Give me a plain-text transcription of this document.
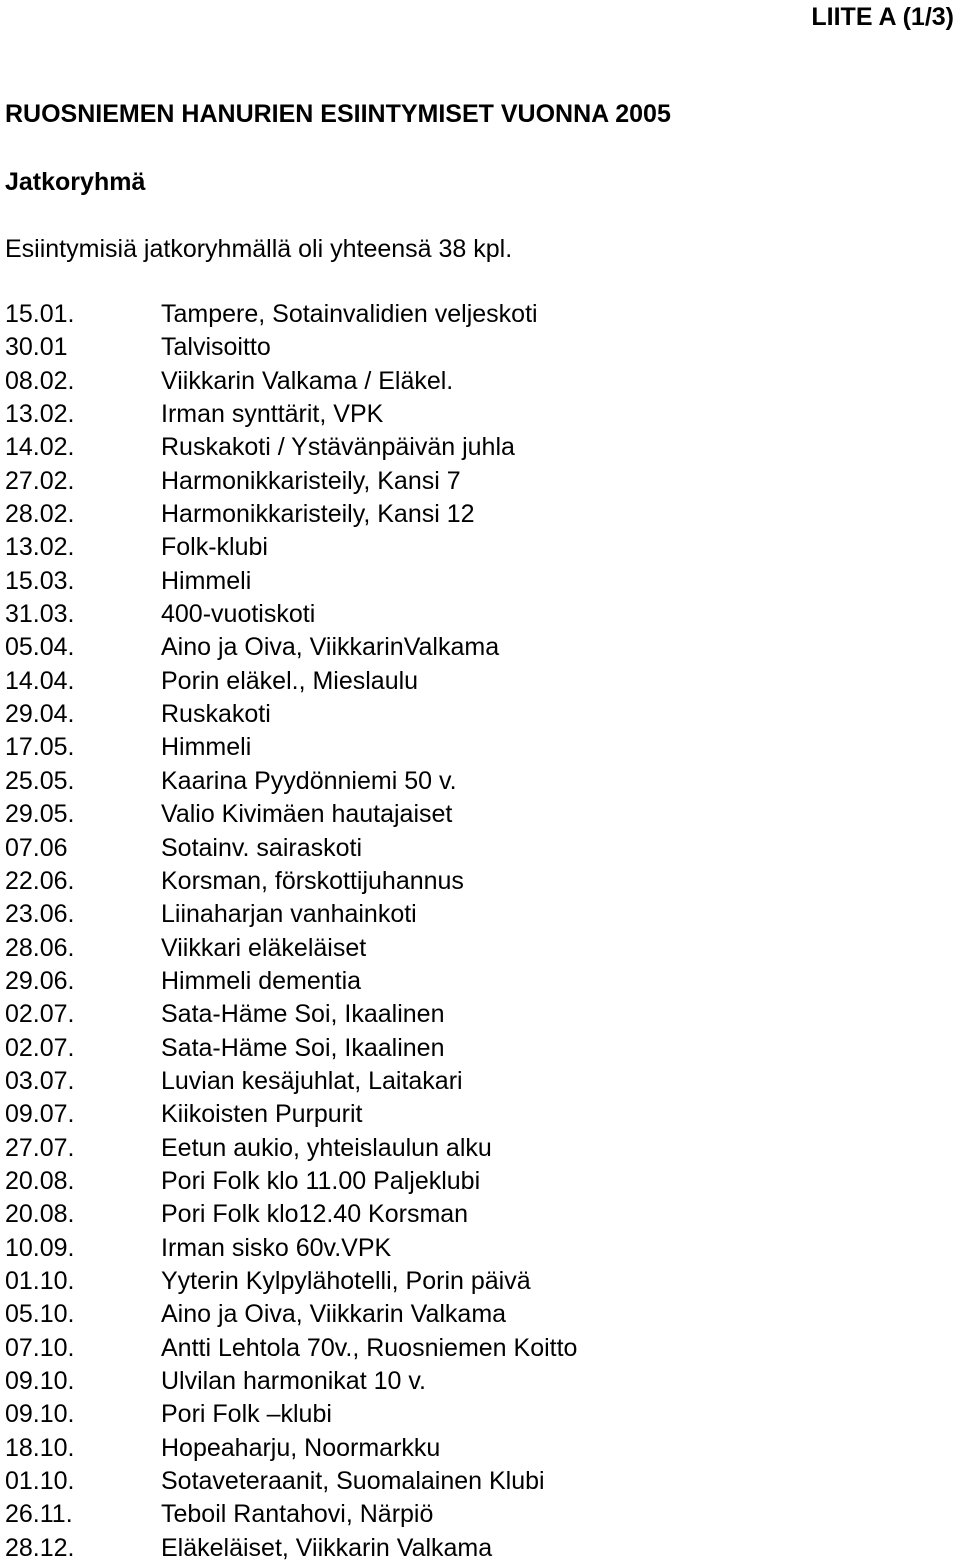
LIITE A (1/3)

RUOSNIEMEN HANURIEN ESIINTYMISET VUONNA 2005
Jatkoryhmä

Esiintymisiä jatkoryhmällä oli yhteensä 38 kpl.

15.01.	Tampere, Sotainvalidien veljeskoti
30.01	Talvisoitto
08.02.	Viikkarin Valkama / Eläkel.
13.02.	Irman synttärit, VPK
14.02.	Ruskakoti / Ystävänpäivän juhla
27.02.	Harmonikkaristeily, Kansi 7
28.02.	Harmonikkaristeily, Kansi 12
13.02.	Folk-klubi
15.03.	Himmeli
31.03.	400-vuotiskoti
05.04.	Aino ja Oiva, ViikkarinValkama
14.04.	Porin eläkel., Mieslaulu
29.04.	Ruskakoti
17.05.	Himmeli
25.05.	Kaarina Pyydönniemi 50 v.
29.05.	Valio Kivimäen hautajaiset
07.06	Sotainv. sairaskoti
22.06.	Korsman, förskottijuhannus
23.06.	Liinaharjan vanhainkoti
28.06.	Viikkari eläkeläiset
29.06.	Himmeli dementia
02.07.	Sata-Häme Soi, Ikaalinen
02.07.	Sata-Häme Soi, Ikaalinen
03.07.	Luvian kesäjuhlat, Laitakari
09.07.	Kiikoisten Purpurit
27.07.	Eetun aukio, yhteislaulun alku
20.08.	Pori Folk klo 11.00 Paljeklubi
20.08.	Pori Folk klo12.40 Korsman
10.09.	Irman sisko 60v.VPK
01.10.	Yyterin Kylpylähotelli, Porin päivä
05.10.	Aino ja Oiva, Viikkarin Valkama
07.10.	Antti Lehtola 70v., Ruosniemen Koitto
09.10.	Ulvilan harmonikat 10 v.
09.10.	Pori Folk –klubi
18.10.	Hopeaharju, Noormarkku
01.10.	Sotaveteraanit, Suomalainen Klubi
26.11.	Teboil Rantahovi, Närpiö
28.12.	Eläkeläiset, Viikkarin Valkama
